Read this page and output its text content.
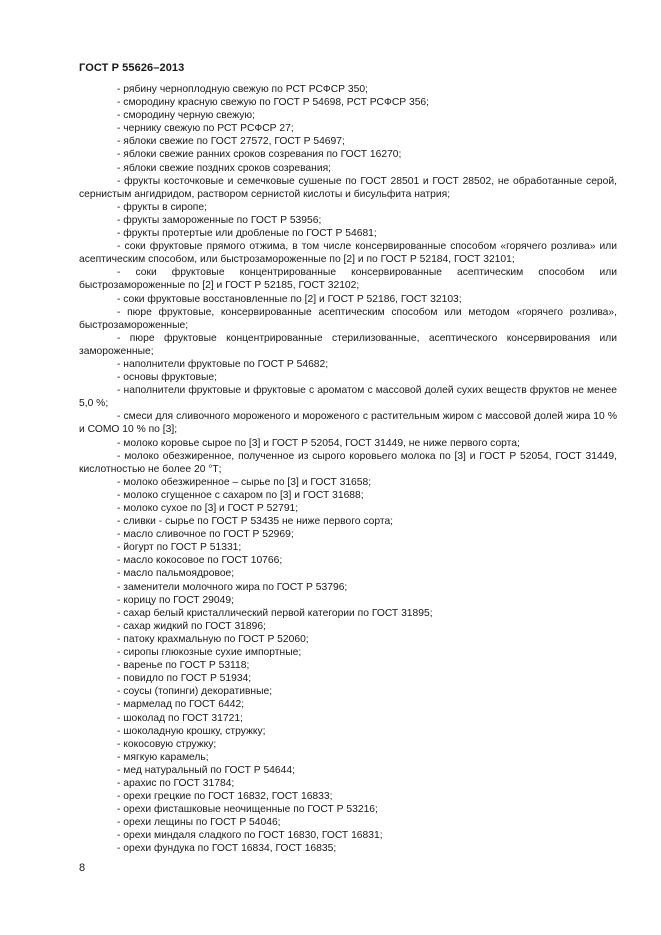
ГОСТ Р 55626–2013

- рябину черноплодную свежую по РСТ РСФСР 350;

- смородину красную свежую по ГОСТ Р 54698, РСТ РСФСР 356;

- смородину черную свежую;

- чернику свежую по РСТ РСФСР 27;

- яблоки свежие по ГОСТ 27572, ГОСТ Р 54697;

- яблоки свежие ранних сроков созревания по ГОСТ 16270;

- яблоки свежие поздних сроков созревания;

- фрукты косточковые и семечковые сушеные по ГОСТ 28501 и ГОСТ 28502, не обработанные серой, сернистым ангидридом, раствором сернистой кислоты и бисульфита натрия;

- фрукты в сиропе;

- фрукты замороженные по ГОСТ Р 53956;

- фрукты протертые или дробленые по ГОСТ Р 54681;

- соки фруктовые прямого отжима, в том числе консервированные способом «горячего розлива» или асептическим способом, или быстрозамороженные по [2] и по ГОСТ Р 52184, ГОСТ 32101;

- соки фруктовые концентрированные консервированные асептическим способом или быстрозамороженные по [2] и ГОСТ Р 52185, ГОСТ 32102;

- соки фруктовые восстановленные по [2] и ГОСТ Р 52186, ГОСТ 32103;

- пюре фруктовые, консервированные асептическим способом или методом «горячего розлива», быстрозамороженные;

- пюре фруктовые концентрированные стерилизованные, асептического консервирования или замороженные;

- наполнители фруктовые по ГОСТ Р 54682;

- основы фруктовые;

- наполнители фруктовые и фруктовые с ароматом с массовой долей сухих веществ фруктов не менее 5,0 %;

- смеси для сливочного мороженого и мороженого с растительным жиром с массовой долей жира 10 % и СОМО 10 % по [3];

- молоко коровье сырое по [3] и ГОСТ Р 52054, ГОСТ 31449, не ниже первого сорта;

- молоко обезжиренное, полученное из сырого коровьего молока по [3] и ГОСТ Р 52054, ГОСТ 31449, кислотностью не более 20 °Т;

- молоко обезжиренное – сырье по [3] и ГОСТ 31658;

- молоко сгущенное с сахаром по [3] и ГОСТ 31688;

- молоко сухое по [3] и ГОСТ Р 52791;

- сливки - сырье по ГОСТ Р 53435 не ниже первого сорта;

- масло сливочное по ГОСТ Р 52969;

- йогурт по ГОСТ Р 51331;

- масло кокосовое по ГОСТ 10766;

- масло пальмоядровое;

- заменители молочного жира по ГОСТ Р 53796;

- корицу по ГОСТ 29049;

- сахар белый кристаллический первой категории по ГОСТ 31895;

- сахар жидкий по ГОСТ 31896;

- патоку крахмальную по ГОСТ Р 52060;

- сиропы глюкозные сухие импортные;

- варенье по ГОСТ Р 53118;

- повидло по ГОСТ Р 51934;

- соусы (топинги) декоративные;

- мармелад по ГОСТ 6442;

- шоколад по ГОСТ 31721;

- шоколадную крошку, стружку;

- кокосовую стружку;

- мягкую карамель;

- мед натуральный по ГОСТ Р 54644;

- арахис по ГОСТ 31784;

- орехи грецкие по ГОСТ 16832, ГОСТ 16833;

- орехи фисташковые неочищенные по ГОСТ Р 53216;

- орехи лещины по ГОСТ Р 54046;

- орехи миндаля сладкого по ГОСТ 16830, ГОСТ 16831;

- орехи фундука по ГОСТ 16834, ГОСТ 16835;

8
